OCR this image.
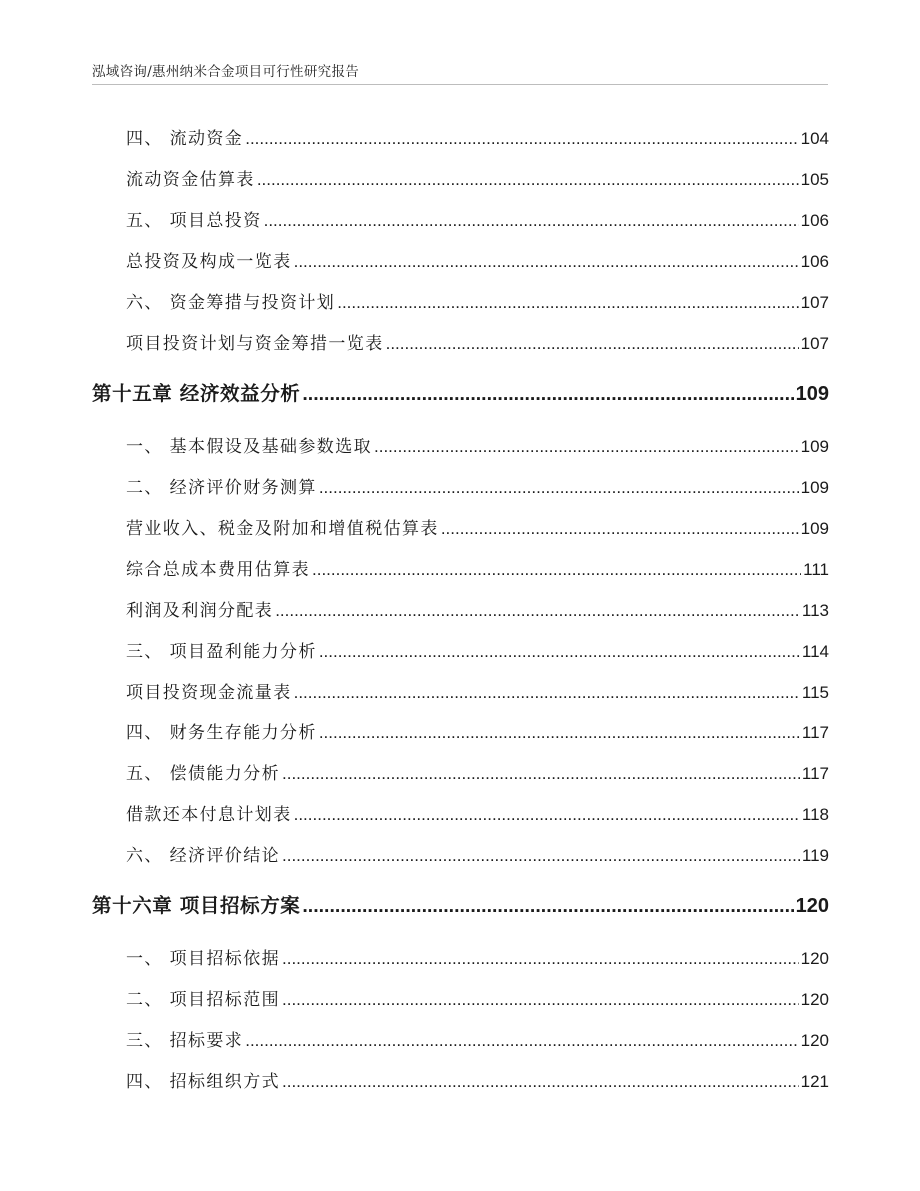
泓域咨询/惠州纳米合金项目可行性研究报告
四、 流动资金 .....	104
流动资金估算表 .....	105
五、 项目总投资 .....	106
总投资及构成一览表 .....	106
六、 资金筹措与投资计划 .....	107
项目投资计划与资金筹措一览表 .....	107
第十五章 经济效益分析 .....	109
一、 基本假设及基础参数选取 .....	109
二、 经济评价财务测算 .....	109
营业收入、税金及附加和增值税估算表 .....	109
综合总成本费用估算表 .....	111
利润及利润分配表 .....	113
三、 项目盈利能力分析 .....	114
项目投资现金流量表 .....	115
四、 财务生存能力分析 .....	117
五、 偿债能力分析 .....	117
借款还本付息计划表 .....	118
六、 经济评价结论 .....	119
第十六章 项目招标方案 .....	120
一、 项目招标依据 .....	120
二、 项目招标范围 .....	120
三、 招标要求 .....	120
四、 招标组织方式 .....	121
